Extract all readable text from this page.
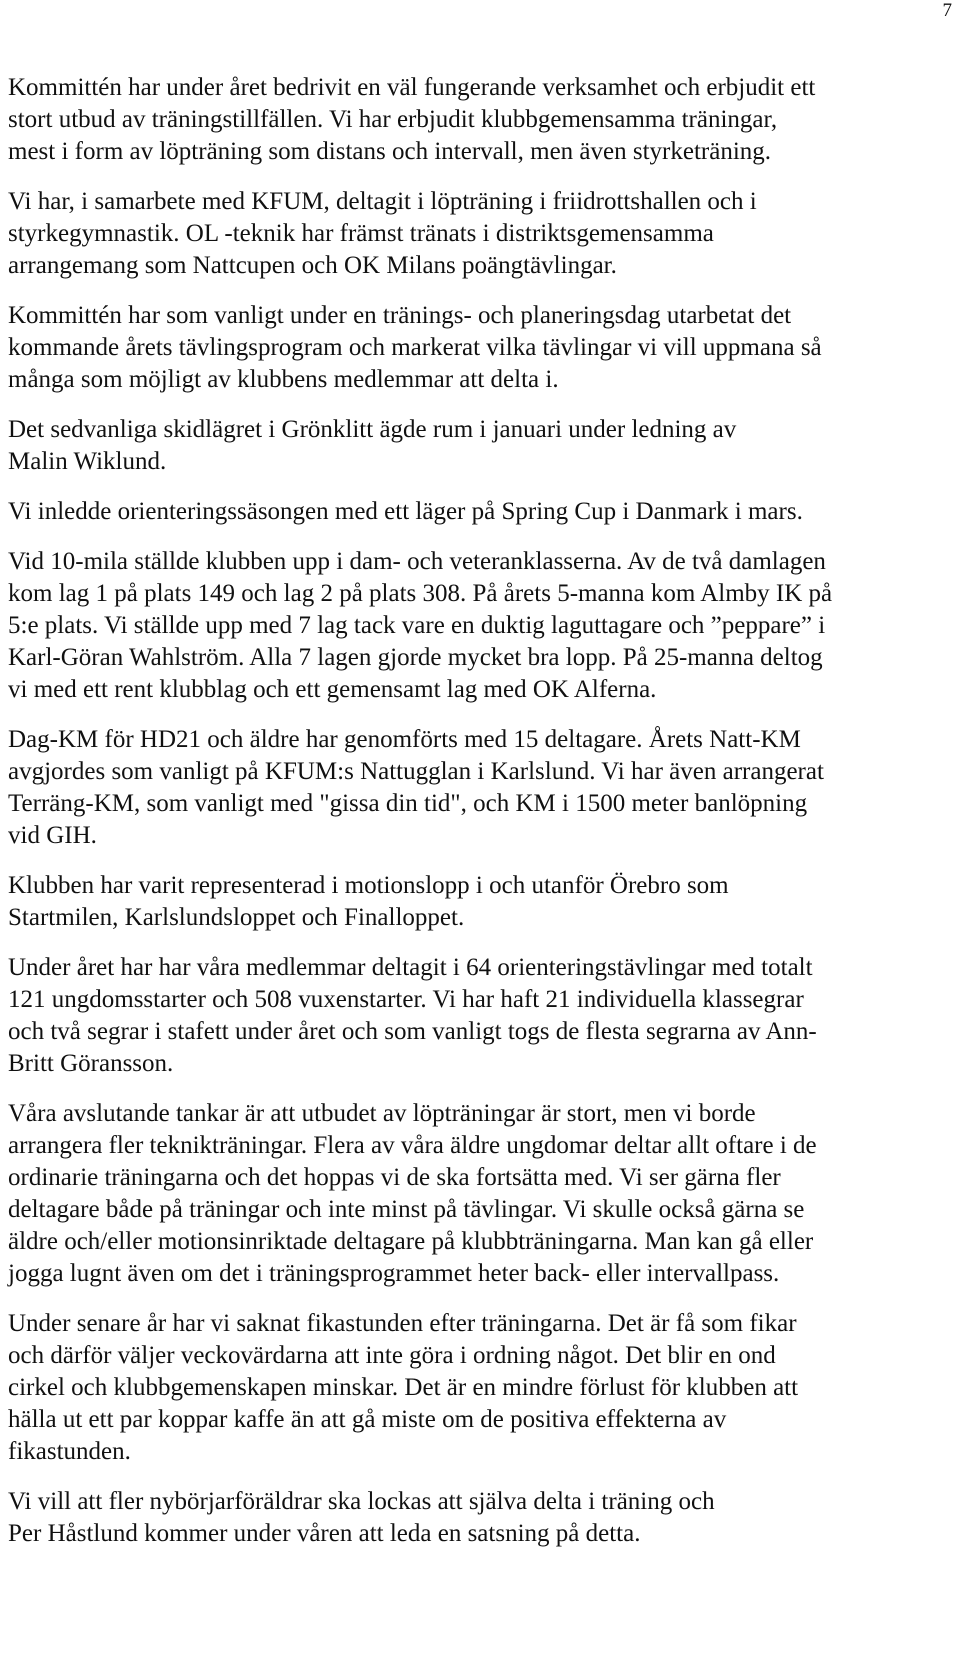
7

Kommittén har under året bedrivit en väl fungerande verksamhet och erbjudit ett
stort utbud av träningstillfällen. Vi har erbjudit klubbgemensamma träningar,
mest i form av löpträning som distans och intervall, men även styrketräning.

Vi har, i samarbete med KFUM, deltagit i löpträning i friidrottshallen och i
styrkegymnastik. OL -teknik har främst tränats i distriktsgemensamma
arrangemang som Nattcupen och OK Milans poängtävlingar.

Kommittén har som vanligt under en tränings- och planeringsdag utarbetat det
kommande årets tävlingsprogram och markerat vilka tävlingar vi vill uppmana så
många som möjligt av klubbens medlemmar att delta i.

Det sedvanliga skidlägret i Grönklitt ägde rum i januari under ledning av
Malin Wiklund.

Vi inledde orienteringssäsongen med ett läger på Spring Cup i Danmark i mars.

Vid 10-mila ställde klubben upp i dam- och veteranklasserna. Av de två damlagen
kom lag 1 på plats 149 och lag 2 på plats 308. På årets 5-manna kom Almby IK på
5:e plats. Vi ställde upp med 7 lag tack vare en duktig laguttagare och ”peppare” i
Karl-Göran Wahlström. Alla 7 lagen gjorde mycket bra lopp. På 25-manna deltog
vi med ett rent klubblag och ett gemensamt lag med OK Alferna.

Dag-KM för HD21 och äldre har genomförts med 15 deltagare. Årets Natt-KM
avgjordes som vanligt på KFUM:s Nattugglan i Karlslund. Vi har även arrangerat
Terräng-KM, som vanligt med "gissa din tid", och KM i 1500 meter banlöpning
vid GIH.

Klubben har varit representerad i motionslopp i och utanför Örebro som
Startmilen, Karlslundsloppet och Finalloppet.

Under året har har våra medlemmar deltagit i 64 orienteringstävlingar med totalt
121 ungdomsstarter och 508 vuxenstarter. Vi har haft 21 individuella klassegrar
och två segrar i stafett under året och som vanligt togs de flesta segrarna av Ann-
Britt Göransson.

Våra avslutande tankar är att utbudet av löpträningar är stort, men vi borde
arrangera fler teknikträningar. Flera av våra äldre ungdomar deltar allt oftare i de
ordinarie träningarna och det hoppas vi de ska fortsätta med. Vi ser gärna fler
deltagare både på träningar och inte minst på tävlingar. Vi skulle också gärna se
äldre och/eller motionsinriktade deltagare på klubbträningarna. Man kan gå eller
jogga lugnt även om det i träningsprogrammet heter back- eller intervallpass.

Under senare år har vi saknat fikastunden efter träningarna. Det är få som fikar
och därför väljer veckovärdarna att inte göra i ordning något. Det blir en ond
cirkel och klubbgemenskapen minskar. Det är en mindre förlust för klubben att
hälla ut ett par koppar kaffe än att gå miste om de positiva effekterna av
fikastunden.

Vi vill att fler nybörjarföräldrar ska lockas att själva delta i träning och
Per Håstlund kommer under våren att leda en satsning på detta.
